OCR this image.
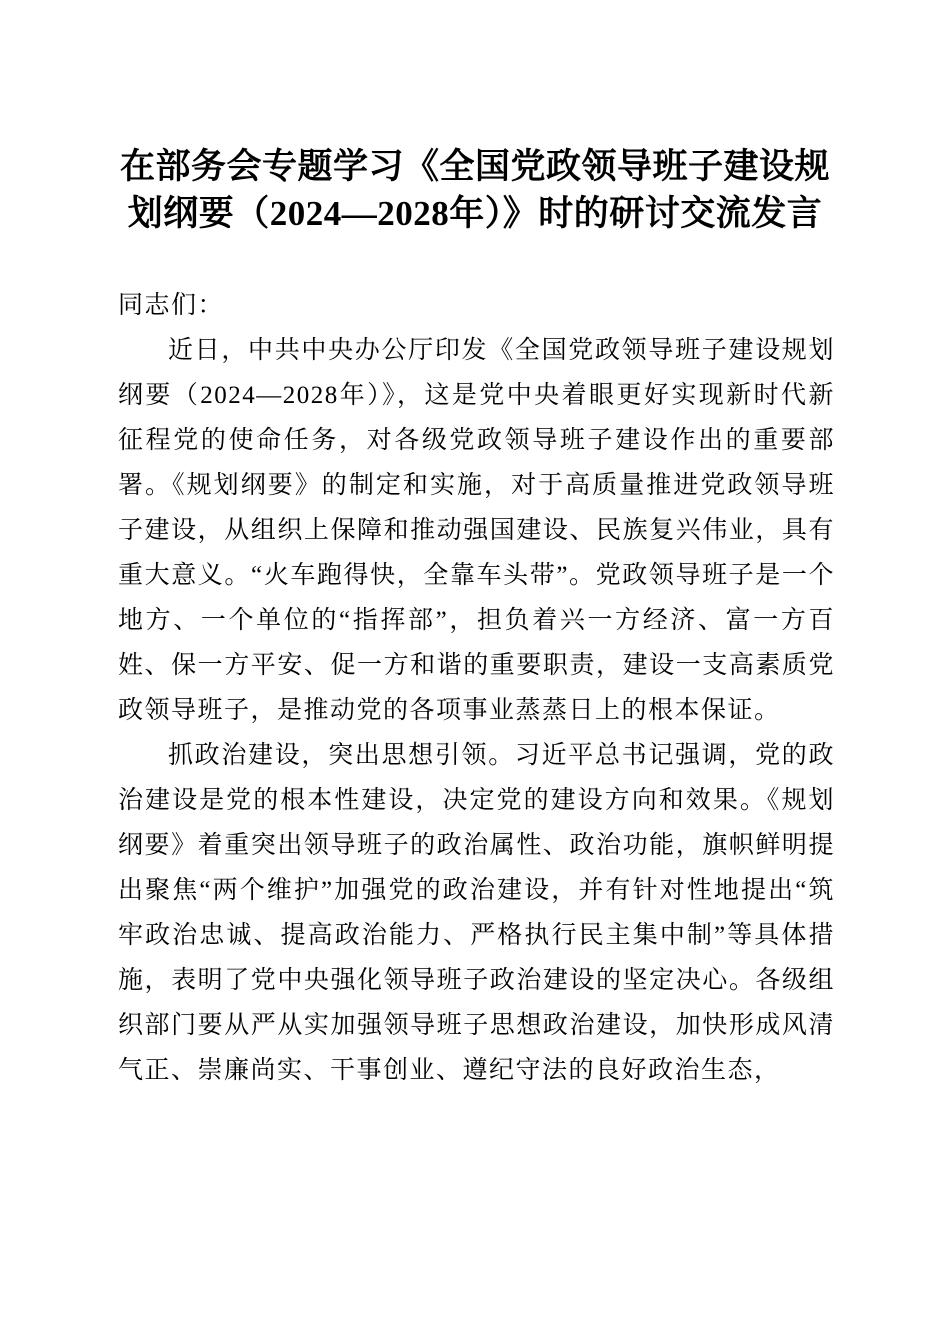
在部务会专题学习《全国党政领导班子建设规划纲要（2024—2028年）》时的研讨交流发言

同志们：

近日，中共中央办公厅印发《全国党政领导班子建设规划纲要（2024—2028年）》，这是党中央着眼更好实现新时代新征程党的使命任务，对各级党政领导班子建设作出的重要部署。《规划纲要》的制定和实施，对于高质量推进党政领导班子建设，从组织上保障和推动强国建设、民族复兴伟业，具有重大意义。“火车跑得快，全靠车头带”。党政领导班子是一个地方、一个单位的“指挥部”，担负着兴一方经济、富一方百姓、保一方平安、促一方和谐的重要职责，建设一支高素质党政领导班子，是推动党的各项事业蒸蒸日上的根本保证。

抓政治建设，突出思想引领。习近平总书记强调，党的政治建设是党的根本性建设，决定党的建设方向和效果。《规划纲要》着重突出领导班子的政治属性、政治功能，旗帜鲜明提出聚焦“两个维护”加强党的政治建设，并有针对性地提出“筑牢政治忠诚、提高政治能力、严格执行民主集中制”等具体措施，表明了党中央强化领导班子政治建设的坚定决心。各级组织部门要从严从实加强领导班子思想政治建设，加快形成风清气正、崇廉尚实、干事创业、遵纪守法的良好政治生态，
